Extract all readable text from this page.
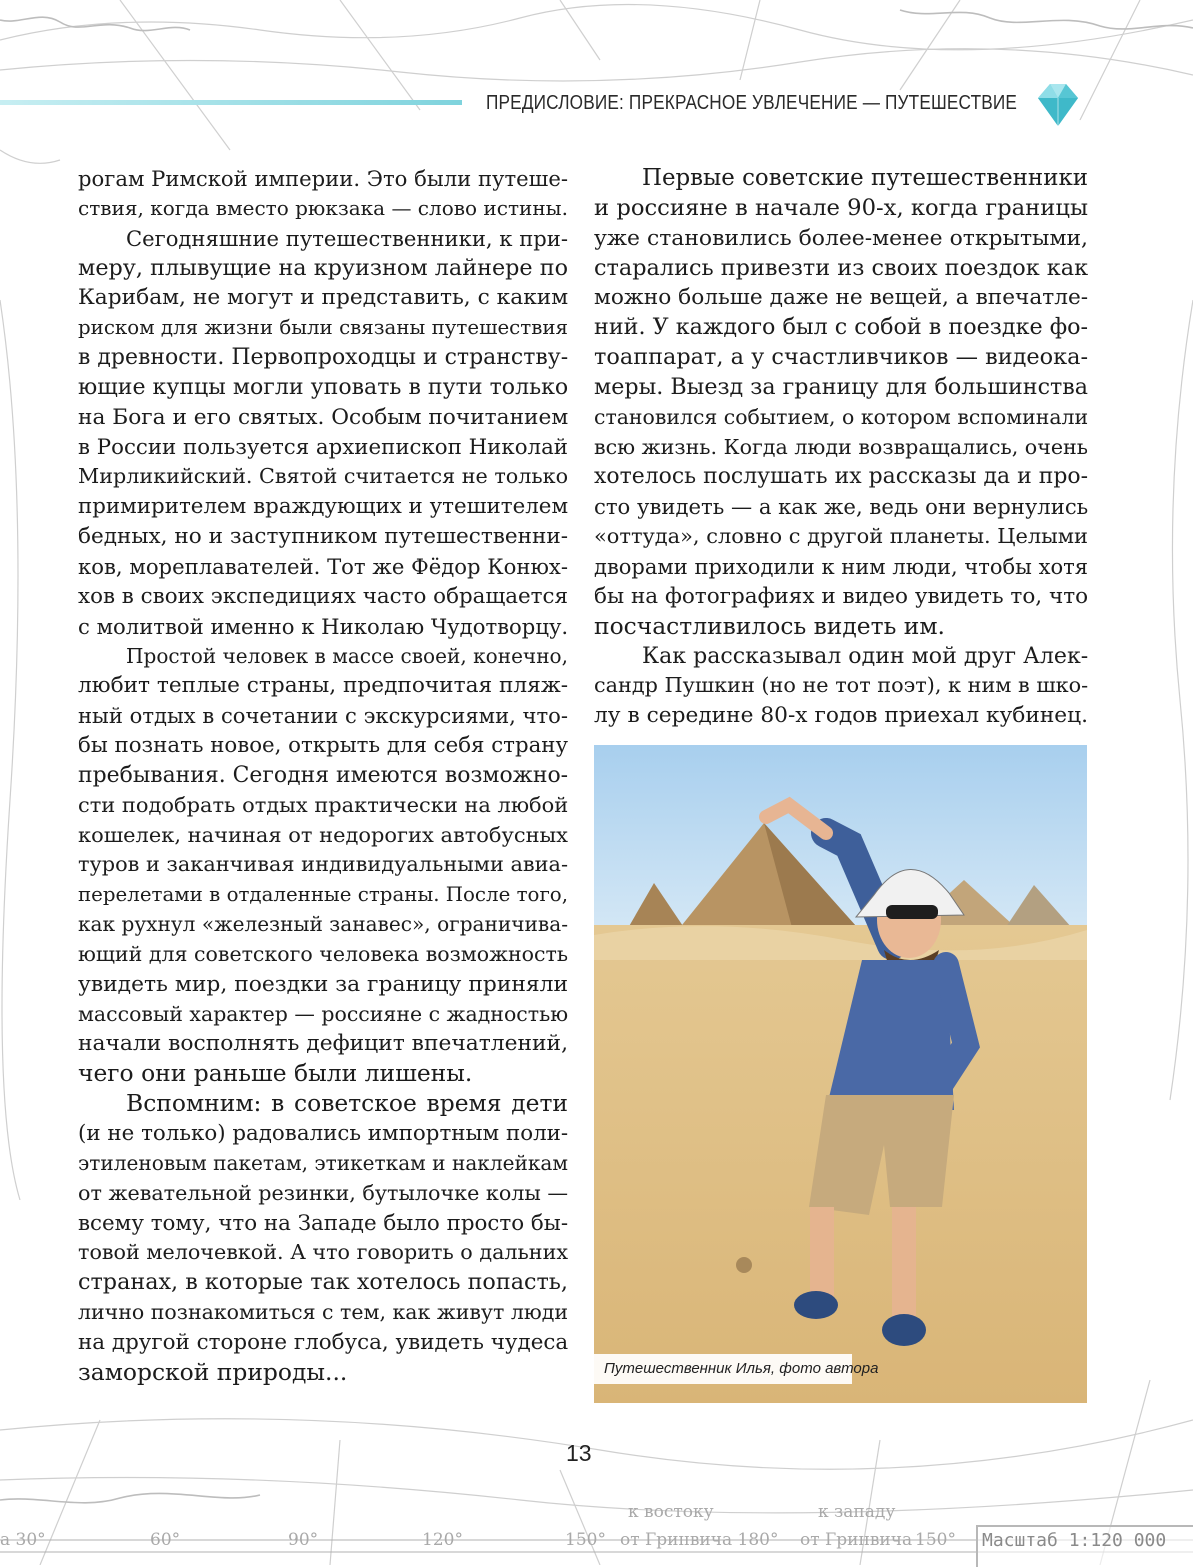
к востоку	к западу
а 30°	60°	90°	120°	150° от Гринвича 180° от Гринвича 150° Масштаб 1:120 000
ПРЕДИСЛОВИЕ: ПРЕКРАСНОЕ УВЛЕЧЕНИЕ — ПУТЕШЕСТВИЕ
рогам Римской империи. Это были путеше-
ствия, когда вместо рюкзака — слово истины.
Сегодняшние путешественники, к при-
меру, плывущие на круизном лайнере по
Карибам, не могут и представить, с каким
риском для жизни были связаны путешествия
в древности. Первопроходцы и странству-
ющие купцы могли уповать в пути только
на Бога и его святых. Особым почитанием
в России пользуется архиепископ Николай
Мирликийский. Святой считается не только
примирителем враждующих и утешителем
бедных, но и заступником путешественни-
ков, мореплавателей. Тот же Фёдор Конюх-
хов в своих экспедициях часто обращается
с молитвой именно к Николаю Чудотворцу.
Простой человек в массе своей, конечно,
любит теплые страны, предпочитая пляж-
ный отдых в сочетании с экскурсиями, что-
бы познать новое, открыть для себя страну
пребывания. Сегодня имеются возможно-
сти подобрать отдых практически на любой
кошелек, начиная от недорогих автобусных
туров и заканчивая индивидуальными авиа-
перелетами в отдаленные страны. После того,
как рухнул «железный занавес», ограничива-
ющий для советского человека возможность
увидеть мир, поездки за границу приняли
массовый характер — россияне с жадностью
начали восполнять дефицит впечатлений,
чего они раньше были лишены.
Вспомним: в советское время дети
(и не только) радовались импортным поли-
этиленовым пакетам, этикеткам и наклейкам
от жевательной резинки, бутылочке колы —
всему тому, что на Западе было просто бы-
товой мелочевкой. А что говорить о дальних
странах, в которые так хотелось попасть,
лично познакомиться с тем, как живут люди
на другой стороне глобуса, увидеть чудеса
заморской природы...
Первые советские путешественники
и россияне в начале 90-х, когда границы
уже становились более-менее открытыми,
старались привезти из своих поездок как
можно больше даже не вещей, а впечатле-
ний. У каждого был с собой в поездке фо-
тоаппарат, а у счастливчиков — видеока-
меры. Выезд за границу для большинства
становился событием, о котором вспоминали
всю жизнь. Когда люди возвращались, очень
хотелось послушать их рассказы да и про-
сто увидеть — а как же, ведь они вернулись
«оттуда», словно с другой планеты. Целыми
дворами приходили к ним люди, чтобы хотя
бы на фотографиях и видео увидеть то, что
посчастливилось видеть им.
Как рассказывал один мой друг Алек-
сандр Пушкин (но не тот поэт), к ним в шко-
лу в середине 80-х годов приехал кубинец.
Путешественник Илья, фото автора
13
